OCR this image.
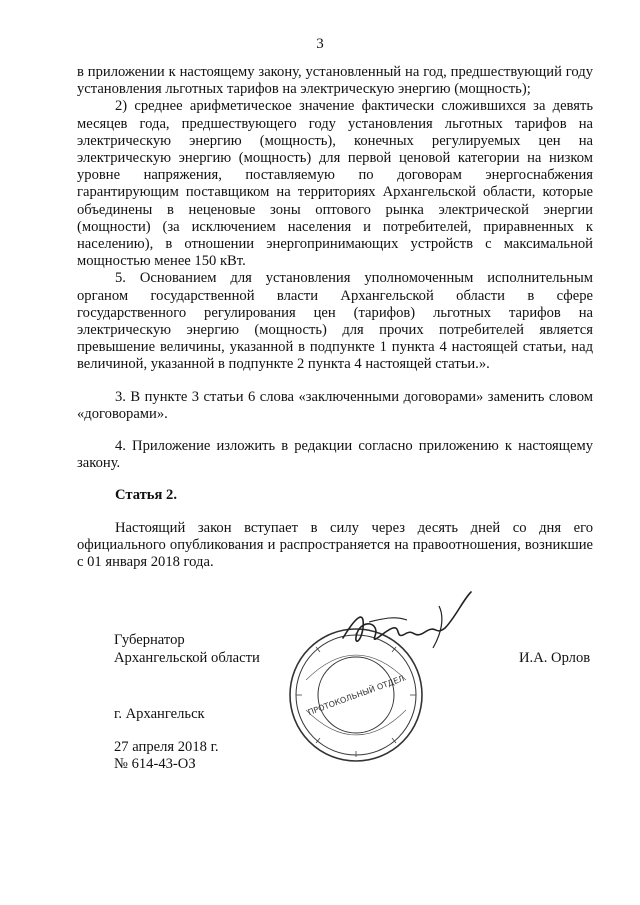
3

в приложении к настоящему закону, установленный на год, предшествующий году установления льготных тарифов на электрическую энергию (мощность);

2) среднее арифметическое значение фактически сложившихся за девять месяцев года, предшествующего году установления льготных тарифов на электрическую энергию (мощность), конечных регулируемых цен на электрическую энергию (мощность) для первой ценовой категории на низком уровне напряжения, поставляемую по договорам энергоснабжения гарантирующим поставщиком на территориях Архангельской области, которые объединены в неценовые зоны оптового рынка электрической энергии (мощности) (за исключением населения и потребителей, приравненных к населению), в отношении энергопринимающих устройств с максимальной мощностью менее 150 кВт.

5. Основанием для установления уполномоченным исполнительным органом государственной власти Архангельской области в сфере государственного регулирования цен (тарифов) льготных тарифов на электрическую энергию (мощность) для прочих потребителей является превышение величины, указанной в подпункте 1 пункта 4 настоящей статьи, над величиной, указанной в подпункте 2 пункта 4 настоящей статьи.».

3. В пункте 3 статьи 6 слова «заключенными договорами» заменить словом «договорами».

4. Приложение изложить в редакции согласно приложению к настоящему закону.

Статья 2.

Настоящий закон вступает в силу через десять дней со дня его официального опубликования и распространяется на правоотношения, возникшие с 01 января 2018 года.

Губернатор
Архангельской области	И.А. Орлов
ПРОТОКОЛЬНЫЙ ОТДЕЛ
г. Архангельск
27 апреля 2018 г.
№ 614-43-ОЗ
